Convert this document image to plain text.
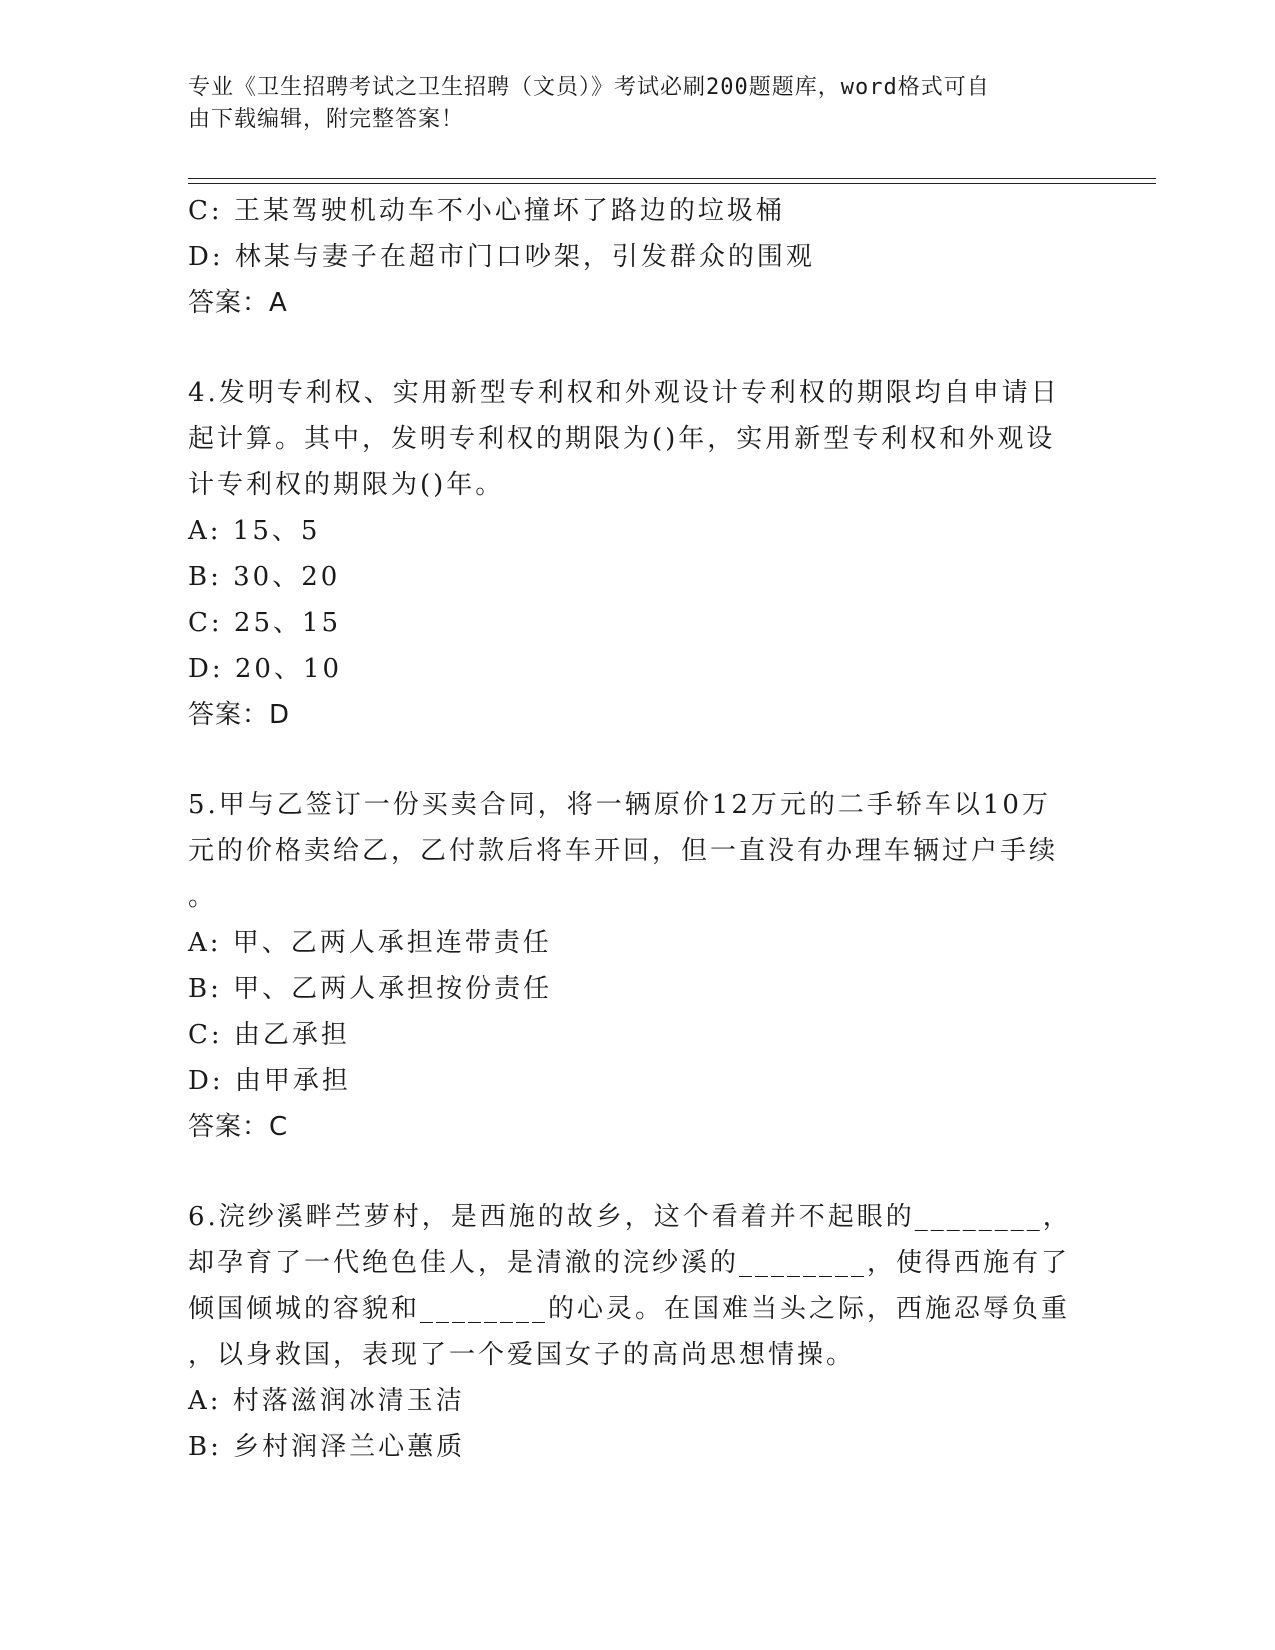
专业《卫生招聘考试之卫生招聘（文员）》考试必刷200题题库，word格式可自
由下载编辑，附完整答案！
C: 王某驾驶机动车不小心撞坏了路边的垃圾桶
D: 林某与妻子在超市门口吵架，引发群众的围观
答案：A
4.发明专利权、实用新型专利权和外观设计专利权的期限均自申请日
起计算。其中，发明专利权的期限为()年，实用新型专利权和外观设
计专利权的期限为()年。
A: 15、5
B: 30、20
C: 25、15
D: 20、10
答案：D
5.甲与乙签订一份买卖合同，将一辆原价12万元的二手轿车以10万
元的价格卖给乙，乙付款后将车开回，但一直没有办理车辆过户手续
。
A: 甲、乙两人承担连带责任
B: 甲、乙两人承担按份责任
C: 由乙承担
D: 由甲承担
答案：C
6.浣纱溪畔苎萝村，是西施的故乡，这个看着并不起眼的________，
却孕育了一代绝色佳人，是清澈的浣纱溪的________，使得西施有了
倾国倾城的容貌和________的心灵。在国难当头之际，西施忍辱负重
，以身救国，表现了一个爱国女子的高尚思想情操。
A: 村落滋润冰清玉洁
B: 乡村润泽兰心蕙质
